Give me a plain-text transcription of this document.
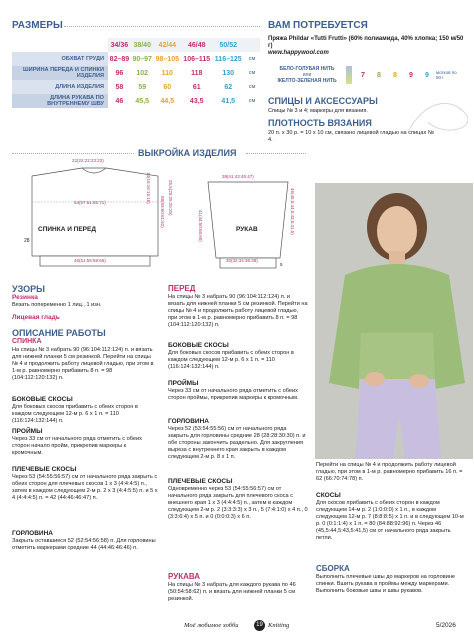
РАЗМЕРЫ
	34/36	38/40	42/44	46/48	50/52	
ОБХВАТ ГРУДИ	82–89	90–97	98–105	106–115	116–125	см
ШИРИНА ПЕРЕДА И СПИНКИ ИЗДЕЛИЯ	96	102	110	118	130	см
ДЛИНА ИЗДЕЛИЯ	58	59	60	61	62	см
ДЛИНА РУКАВА ПО ВНУТРЕННЕМУ ШВУ	46	45,5	44,5	43,5	41,5	см
ВАМ ПОТРЕБУЕТСЯ
Пряжа Phildar «Tutti Frutti» (60% полиамида, 40% хлопка; 150 м/50 г)
www.happywool.com
БЕЛО-ГОЛУБАЯ НИТЬ
или
ЖЕЛТО-ЗЕЛЕНАЯ НИТЬ
7	8	8	9	9	мотков по 50 г
СПИЦЫ И АКСЕССУАРЫ
Спицы № 3 и 4; маркеры для вязания.
ПЛОТНОСТЬ ВЯЗАНИЯ
20 п. х 30 р. = 10 х 10 см, связано лицевой гладью на спицах № 4.
ВЫКРОЙКА ИЗДЕЛИЯ
СПИНКА И ПЕРЕД	РУКАВ
22(22:22:23:23)
14(16:16:16:16)
54(57:61:65:71)	58(59:60:61:62) 25,5(25:25:25:25)
28
48(51:55:59:65)
39(41:43:45:47)
46(45,5:44,5:43,5:41,5)
41(44:50:55:60)
30(32:34:36:38)
5
УЗОРЫ
Резинка
Вязать попеременно 1 лиц., 1 изн.
Лицевая гладь
ОПИСАНИЕ РАБОТЫ
СПИНКА
На спицы № 3 набрать 90 (96:104:112:124) п. и вязать для нижней планки 5 см резинкой. Перейти на спицы № 4 и продолжить работу лицевой гладью, при этом в 1-м р. равномерно прибавить 8 п. = 98 (104:112:120:132) п.
БОКОВЫЕ СКОСЫ
Для боковых скосов прибавить с обеих сторон в каждом следующем 12-м р. 6 х 1 п. = 110 (116:124:132:144) п.
ПРОЙМЫ
Через 33 см от начального ряда отметить с обеих сторон начало пройм, прикрепив маркеры к кромочным.
ПЛЕЧЕВЫЕ СКОСЫ
Через 53 (54:55:56:57) см от начального ряда закрыть с обеих сторон для плечевых скосов 1 х 3 (4:4:4:5) п., затем в каждом следующем 2-м р. 2 х 3 (4:4:5:5) п. и 5 х 4 (4:4:4:5) п. = 42 (44:46:46:47) п.
ГОРЛОВИНА
Закрыть оставшиеся 52 (52:54:56:58) п. Для горловины отметить маркерами средние 44 (44:46:46:46) п.
ПЕРЕД
На спицы № 3 набрать 90 (96:104:112:124) п. и вязать для нижней планки 5 см резинкой. Перейти на спицы № 4 и продолжить работу лицевой гладью, при этом в 1-м р. равномерно прибавить 8 п. = 98 (104:112:120:132) п.
БОКОВЫЕ СКОСЫ
Для боковых скосов прибавить с обеих сторон в каждом следующем 12-м р. 6 х 1 п. = 110 (116:124:132:144) п.
ПРОЙМЫ
Через 33 см от начального ряда отметить с обеих сторон проймы, прикрепив маркеры к кромочным.
ГОРЛОВИНА
Через 52 (53:54:55:56) см от начального ряда закрыть для горловины средние 28 (28:28:30:30) п. и обе стороны закончить раздельно. Для закругления выреза с внутреннего края закрыть в каждом следующем 2-м р. 8 х 1 п.
ПЛЕЧЕВЫЕ СКОСЫ
Одновременно через 53 (54:55:56:57) см от начального ряда закрыть для плечевого скоса с внешнего края 1 х 3 (4:4:4:5) п., затем в каждом следующем 2-м р. 2 (3:3:3:3) х 3 п., 5 (7:4:1:0) х 4 п., 0 (3:3:6:4) х 5 п. и 0 (0:0:0:3) х 6 п.
РУКАВА
На спицы № 3 набрать для каждого рукава по 46 (50:54:58:62) п. и вязать для нижней планки 5 см резинкой.
Перейти на спицы № 4 и продолжить работу лицевой гладью, при этом в 1-м р. равномерно прибавить 16 п. = 62 (66:70:74:78) п.
СКОСЫ
Для скосов прибавить с обеих сторон в каждом следующем 14-м р. 2 (1:0:0:0) х 1 п., в каждом следующем 12-м р. 7 (8:8:8:5) х 1 п. и в следующем 10-м р. 0 (0:1:1:4) х 1 п. = 80 (84:88:92:96) п. Через 46 (45,5:44,5:43,5:41,5) см от начального ряда закрыть петли.
СБОРКА
Выполнить плечевые швы до маркеров на горловине спинки. Вшить рукава в проймы между маркерами. Выполнить боковые швы и швы рукавов.
Моё любимое хобби	19 Knitting	5/2026
